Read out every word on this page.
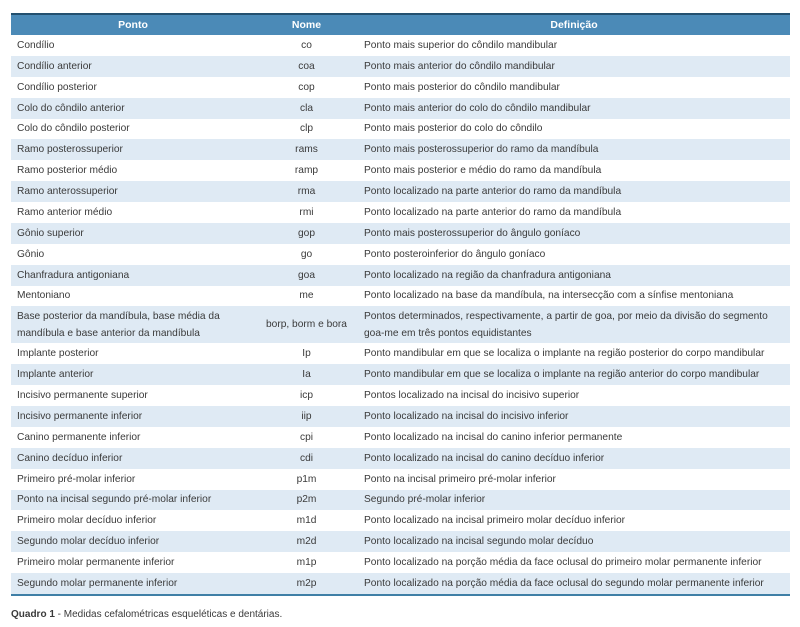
Ponto	Nome	Definição
Condílio	co	Ponto mais superior do côndilo mandibular
Condílio anterior	coa	Ponto mais anterior do côndilo mandibular
Condílio posterior	cop	Ponto mais posterior do côndilo mandibular
Colo do côndilo anterior	cla	Ponto mais anterior do colo do côndilo mandibular
Colo do côndilo posterior	clp	Ponto mais posterior do colo do côndilo
Ramo posterossuperior	rams	Ponto mais posterossuperior do ramo da mandíbula
Ramo posterior médio	ramp	Ponto mais posterior e médio do ramo da mandíbula
Ramo anterossuperior	rma	Ponto localizado na parte anterior do ramo da mandíbula
Ramo anterior médio	rmi	Ponto localizado na parte anterior do ramo da mandíbula
Gônio superior	gop	Ponto mais posterossuperior do ângulo goníaco
Gônio	go	Ponto posteroinferior do ângulo goníaco
Chanfradura antigoniana	goa	Ponto localizado na região da chanfradura antigoniana
Mentoniano	me	Ponto localizado na base da mandíbula, na intersecção com a sínfise mentoniana
Base posterior da mandíbula, base média da mandíbula e base anterior da mandíbula	borp, borm e bora	Pontos determinados, respectivamente, a partir de goa, por meio da divisão do segmento goa-me em três pontos equidistantes
Implante posterior	Ip	Ponto mandibular em que se localiza o implante na região posterior do corpo mandibular
Implante anterior	Ia	Ponto mandibular em que se localiza o implante na região anterior do corpo mandibular
Incisivo permanente superior	icp	Pontos localizado na incisal do incisivo superior
Incisivo permanente inferior	iip	Ponto localizado na incisal do incisivo inferior
Canino permanente inferior	cpi	Ponto localizado na incisal do canino inferior permanente
Canino decíduo inferior	cdi	Ponto localizado na incisal do canino decíduo inferior
Primeiro pré-molar inferior	p1m	Ponto na incisal primeiro pré-molar inferior
Ponto na incisal segundo pré-molar inferior	p2m	Segundo pré-molar inferior
Primeiro molar decíduo inferior	m1d	Ponto localizado na incisal primeiro molar decíduo inferior
Segundo molar decíduo inferior	m2d	Ponto localizado na incisal segundo molar decíduo
Primeiro molar permanente inferior	m1p	Ponto localizado na porção média da face oclusal do primeiro molar permanente inferior
Segundo molar permanente inferior	m2p	Ponto localizado na porção média da face oclusal do segundo molar permanente inferior
Quadro 1 - Medidas cefalométricas esqueléticas e dentárias.
